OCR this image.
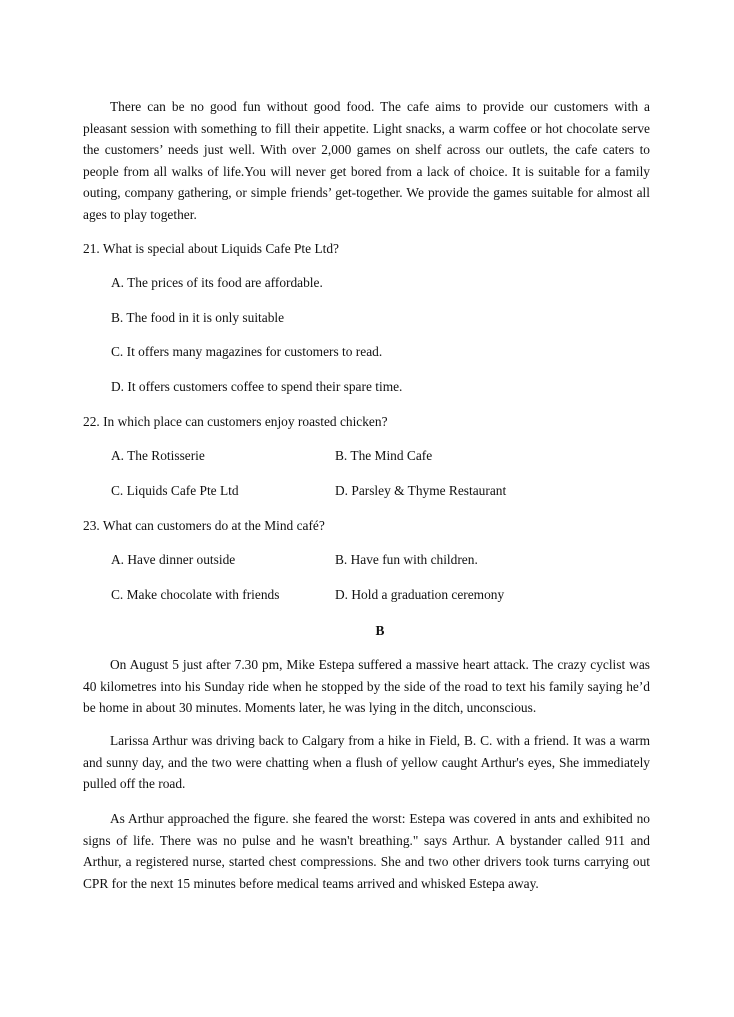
There can be no good fun without good food. The cafe aims to provide our customers with a pleasant session with something to fill their appetite. Light snacks, a warm coffee or hot chocolate serve the customers’ needs just well. With over 2,000 games on shelf across our outlets, the cafe caters to people from all walks of life.You will never get bored from a lack of choice. It is suitable for a family outing, company gathering, or simple friends’ get-together. We provide the games suitable for almost all ages to play together.

21. What is special about Liquids Cafe Pte Ltd?

A. The prices of its food are affordable.

B. The food in it is only suitable

C. It offers many magazines for customers to read.

D. It offers customers coffee to spend their spare time.

22. In which place can customers enjoy roasted chicken?

A. The Rotisserie	B. The Mind Cafe

C. Liquids Cafe Pte Ltd	D. Parsley & Thyme Restaurant

23. What can customers do at the Mind café?

A. Have dinner outside	B. Have fun with children.

C. Make chocolate with friends	D. Hold a graduation ceremony

B

On August 5 just after 7.30 pm, Mike Estepa suffered a massive heart attack. The crazy cyclist was 40 kilometres into his Sunday ride when he stopped by the side of the road to text his family saying he’d be home in about 30 minutes. Moments later, he was lying in the ditch, unconscious.

Larissa Arthur was driving back to Calgary from a hike in Field, B. C. with a friend. It was a warm and sunny day, and the two were chatting when a flush of yellow caught Arthur's eyes, She immediately pulled off the road.

As Arthur approached the figure. she feared the worst: Estepa was covered in ants and exhibited no signs of life. There was no pulse and he wasn't breathing." says Arthur. A bystander called 911 and Arthur, a registered nurse, started chest compressions. She and two other drivers took turns carrying out CPR for the next 15 minutes before medical teams arrived and whisked Estepa away.
